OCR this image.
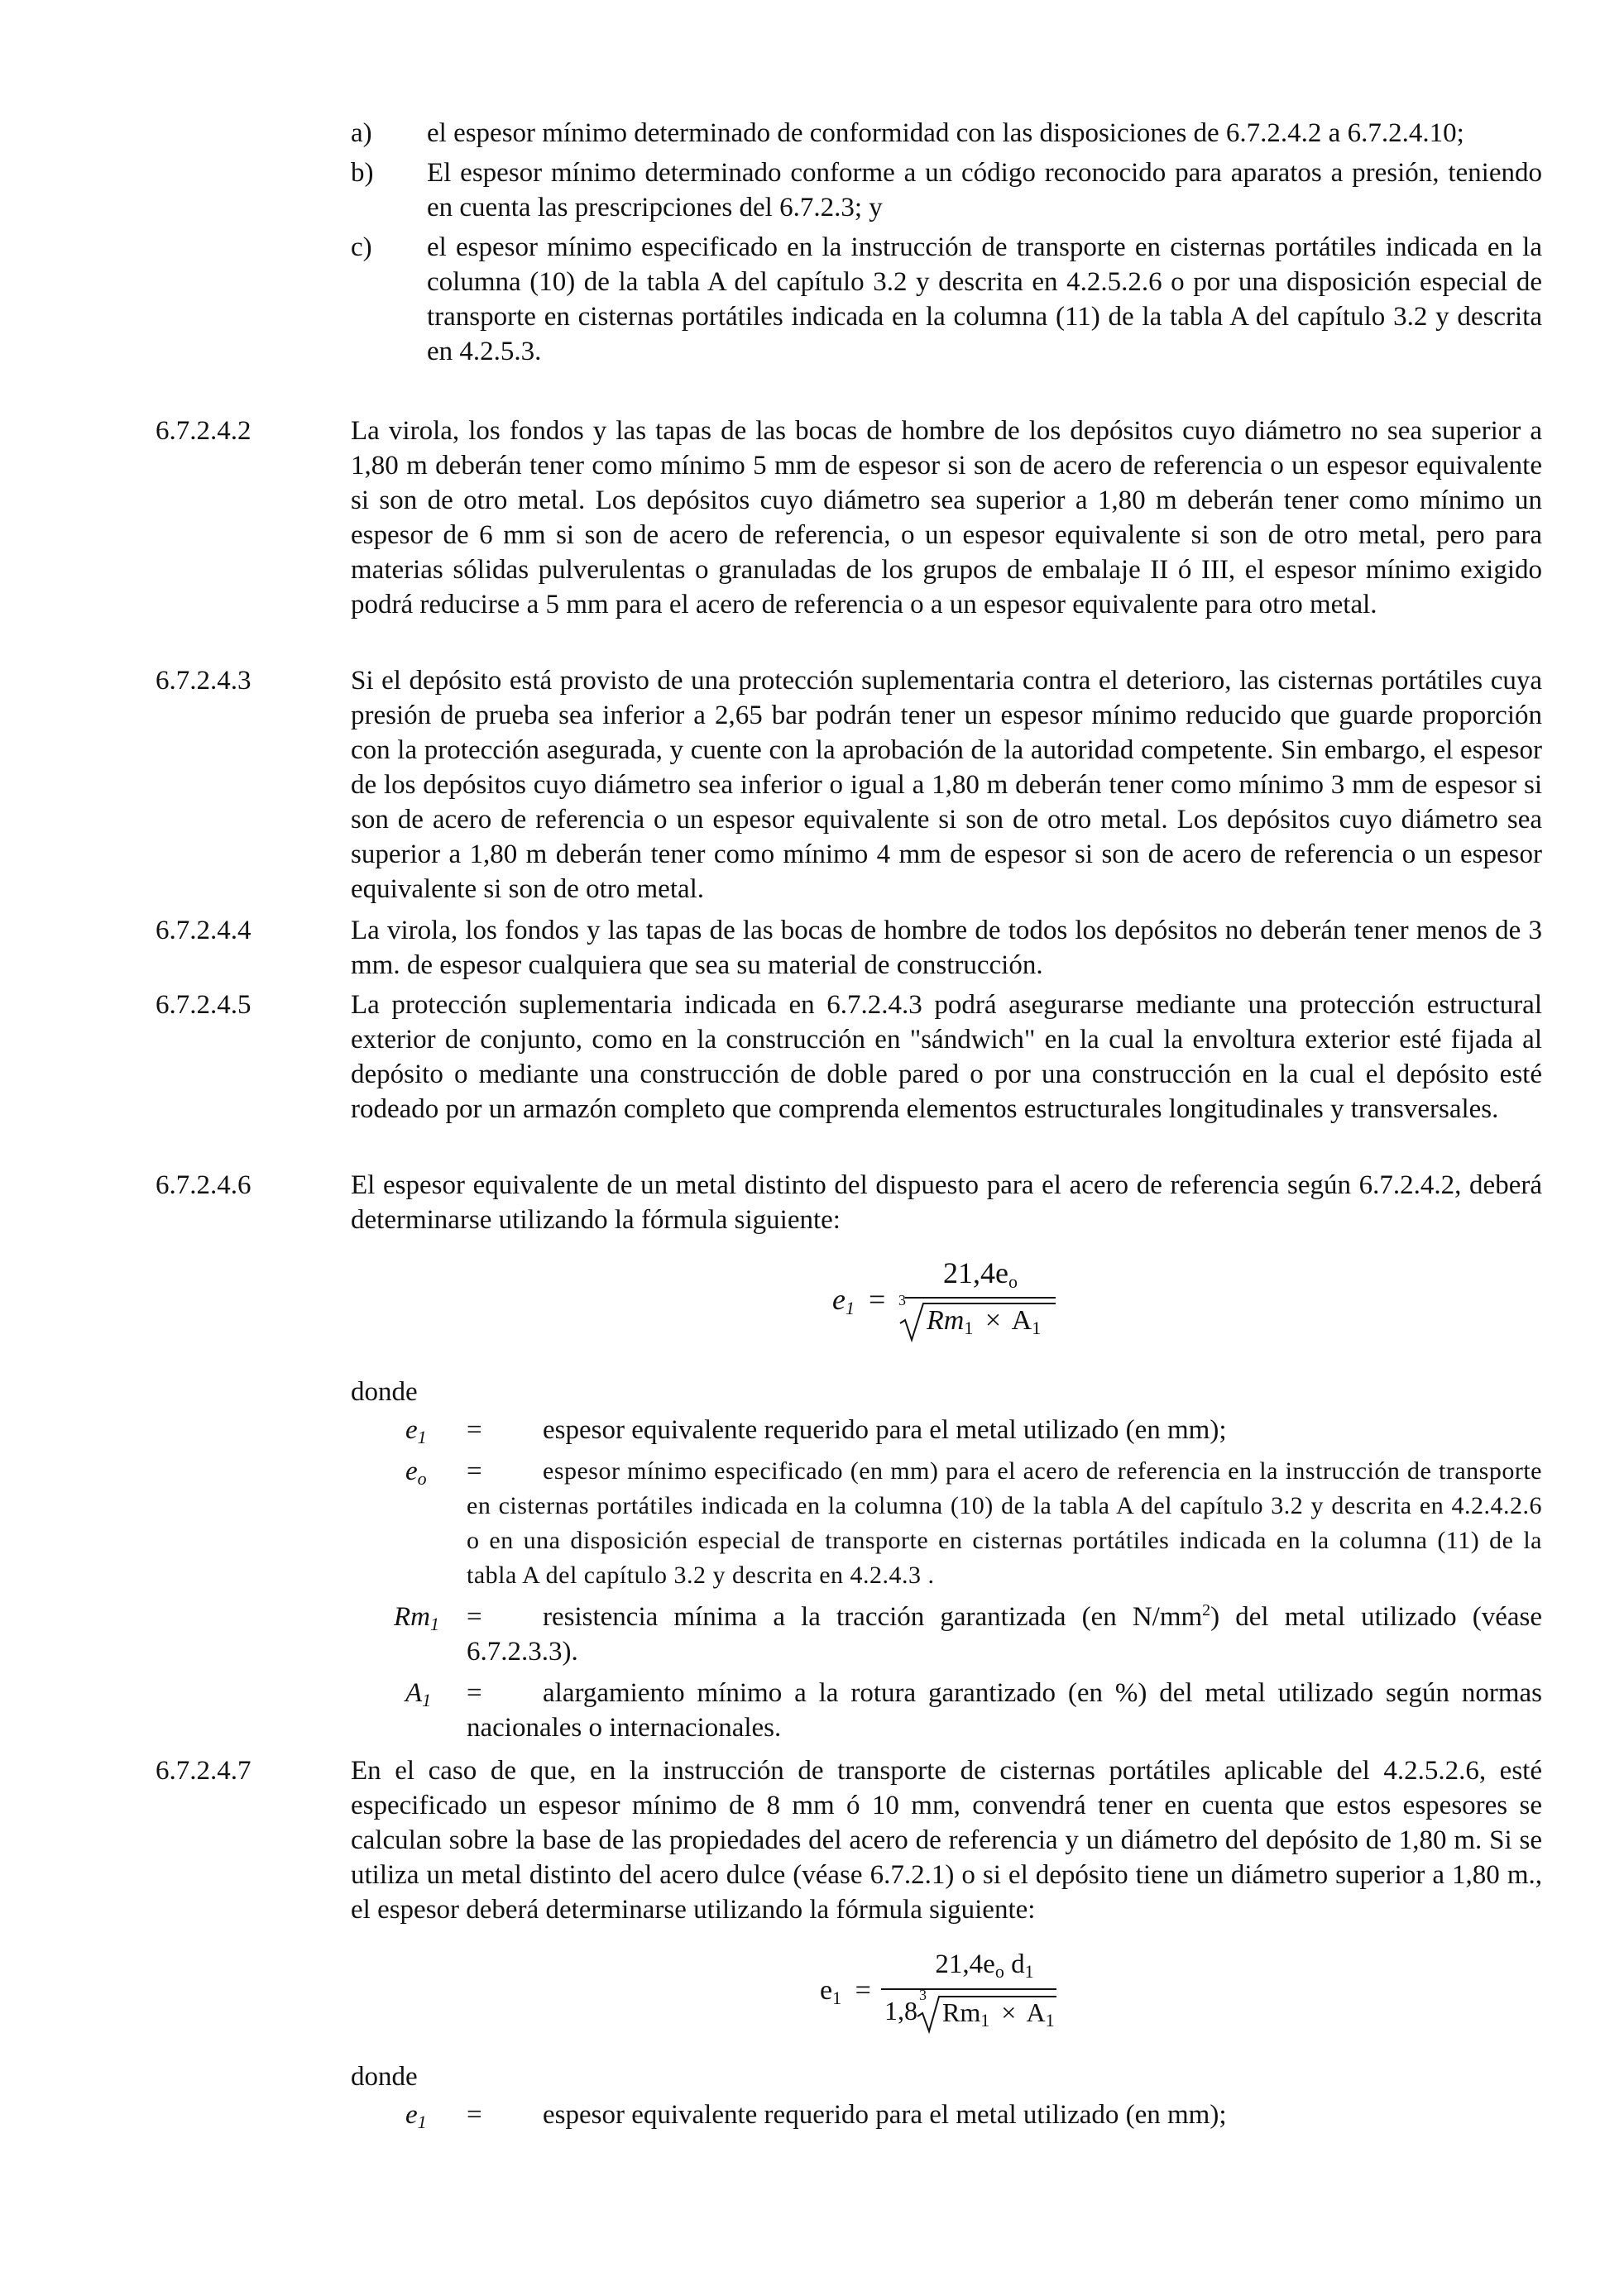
a) el espesor mínimo determinado de conformidad con las disposiciones de 6.7.2.4.2 a 6.7.2.4.10;
b) El espesor mínimo determinado conforme a un código reconocido para aparatos a presión, teniendo en cuenta las prescripciones del 6.7.2.3; y
c) el espesor mínimo especificado en la instrucción de transporte en cisternas portátiles indicada en la columna (10) de la tabla A del capítulo 3.2 y descrita en 4.2.5.2.6 o por una disposición especial de transporte en cisternas portátiles indicada en la columna (11) de la tabla A del capítulo 3.2 y descrita en 4.2.5.3.
6.7.2.4.2	La virola, los fondos y las tapas de las bocas de hombre de los depósitos cuyo diámetro no sea superior a 1,80 m deberán tener como mínimo 5 mm de espesor si son de acero de referencia o un espesor equivalente si son de otro metal. Los depósitos cuyo diámetro sea superior a 1,80 m deberán tener como mínimo un espesor de 6 mm si son de acero de referencia, o un espesor equivalente si son de otro metal, pero para materias sólidas pulverulentas o granuladas de los grupos de embalaje II ó III, el espesor mínimo exigido podrá reducirse a 5 mm para el acero de referencia o a un espesor equivalente para otro metal.
6.7.2.4.3	Si el depósito está provisto de una protección suplementaria contra el deterioro, las cisternas portátiles cuya presión de prueba sea inferior a 2,65 bar podrán tener un espesor mínimo reducido que guarde proporción con la protección asegurada, y cuente con la aprobación de la autoridad competente. Sin embargo, el espesor de los depósitos cuyo diámetro sea inferior o igual a 1,80 m deberán tener como mínimo 3 mm de espesor si son de acero de referencia o un espesor equivalente si son de otro metal. Los depósitos cuyo diámetro sea superior a 1,80 m deberán tener como mínimo 4 mm de espesor si son de acero de referencia o un espesor equivalente si son de otro metal.
6.7.2.4.4	La virola, los fondos y las tapas de las bocas de hombre de todos los depósitos no deberán tener menos de 3 mm. de espesor cualquiera que sea su material de construcción.
6.7.2.4.5	La protección suplementaria indicada en 6.7.2.4.3 podrá asegurarse mediante una protección estructural exterior de conjunto, como en la construcción en "sándwich" en la cual la envoltura exterior esté fijada al depósito o mediante una construcción de doble pared o por una construcción en la cual el depósito esté rodeado por un armazón completo que comprenda elementos estructurales longitudinales y transversales.
6.7.2.4.6	El espesor equivalente de un metal distinto del dispuesto para el acero de referencia según 6.7.2.4.2, deberá determinarse utilizando la fórmula siguiente:
$e_1$ =
$21,4e_o$
3
$Rm_1 \times A_1$
donde
$e_1$	=	espesor equivalente requerido para el metal utilizado (en mm);
$e_o$	=	espesor mínimo especificado (en mm) para el acero de referencia en la instrucción de transporte en cisternas portátiles indicada en la columna (10) de la tabla A del capítulo 3.2 y descrita en 4.2.4.2.6 o en una disposición especial de transporte en cisternas portátiles indicada en la columna (11) de la tabla A del capítulo 3.2 y descrita en 4.2.4.3 .
$Rm_1$ =	resistencia mínima a la tracción garantizada (en $N/mm^2$) del metal utilizado (véase 6.7.2.3.3).
$A_1$	=	alargamiento mínimo a la rotura garantizado (en %) del metal utilizado según normas nacionales o internacionales.
6.7.2.4.7	En el caso de que, en la instrucción de transporte de cisternas portátiles aplicable del 4.2.5.2.6, esté especificado un espesor mínimo de 8 mm ó 10 mm, convendrá tener en cuenta que estos espesores se calculan sobre la base de las propiedades del acero de referencia y un diámetro del depósito de 1,80 m. Si se utiliza un metal distinto del acero dulce (véase 6.7.2.1) o si el depósito tiene un diámetro superior a 1,80 m., el espesor deberá determinarse utilizando la fórmula siguiente:
$e_1$ =
$21,4e_o$ $d_1$
1,8
3
$Rm_1 \times A_1$
donde
$e_1$	=	espesor equivalente requerido para el metal utilizado (en mm);
